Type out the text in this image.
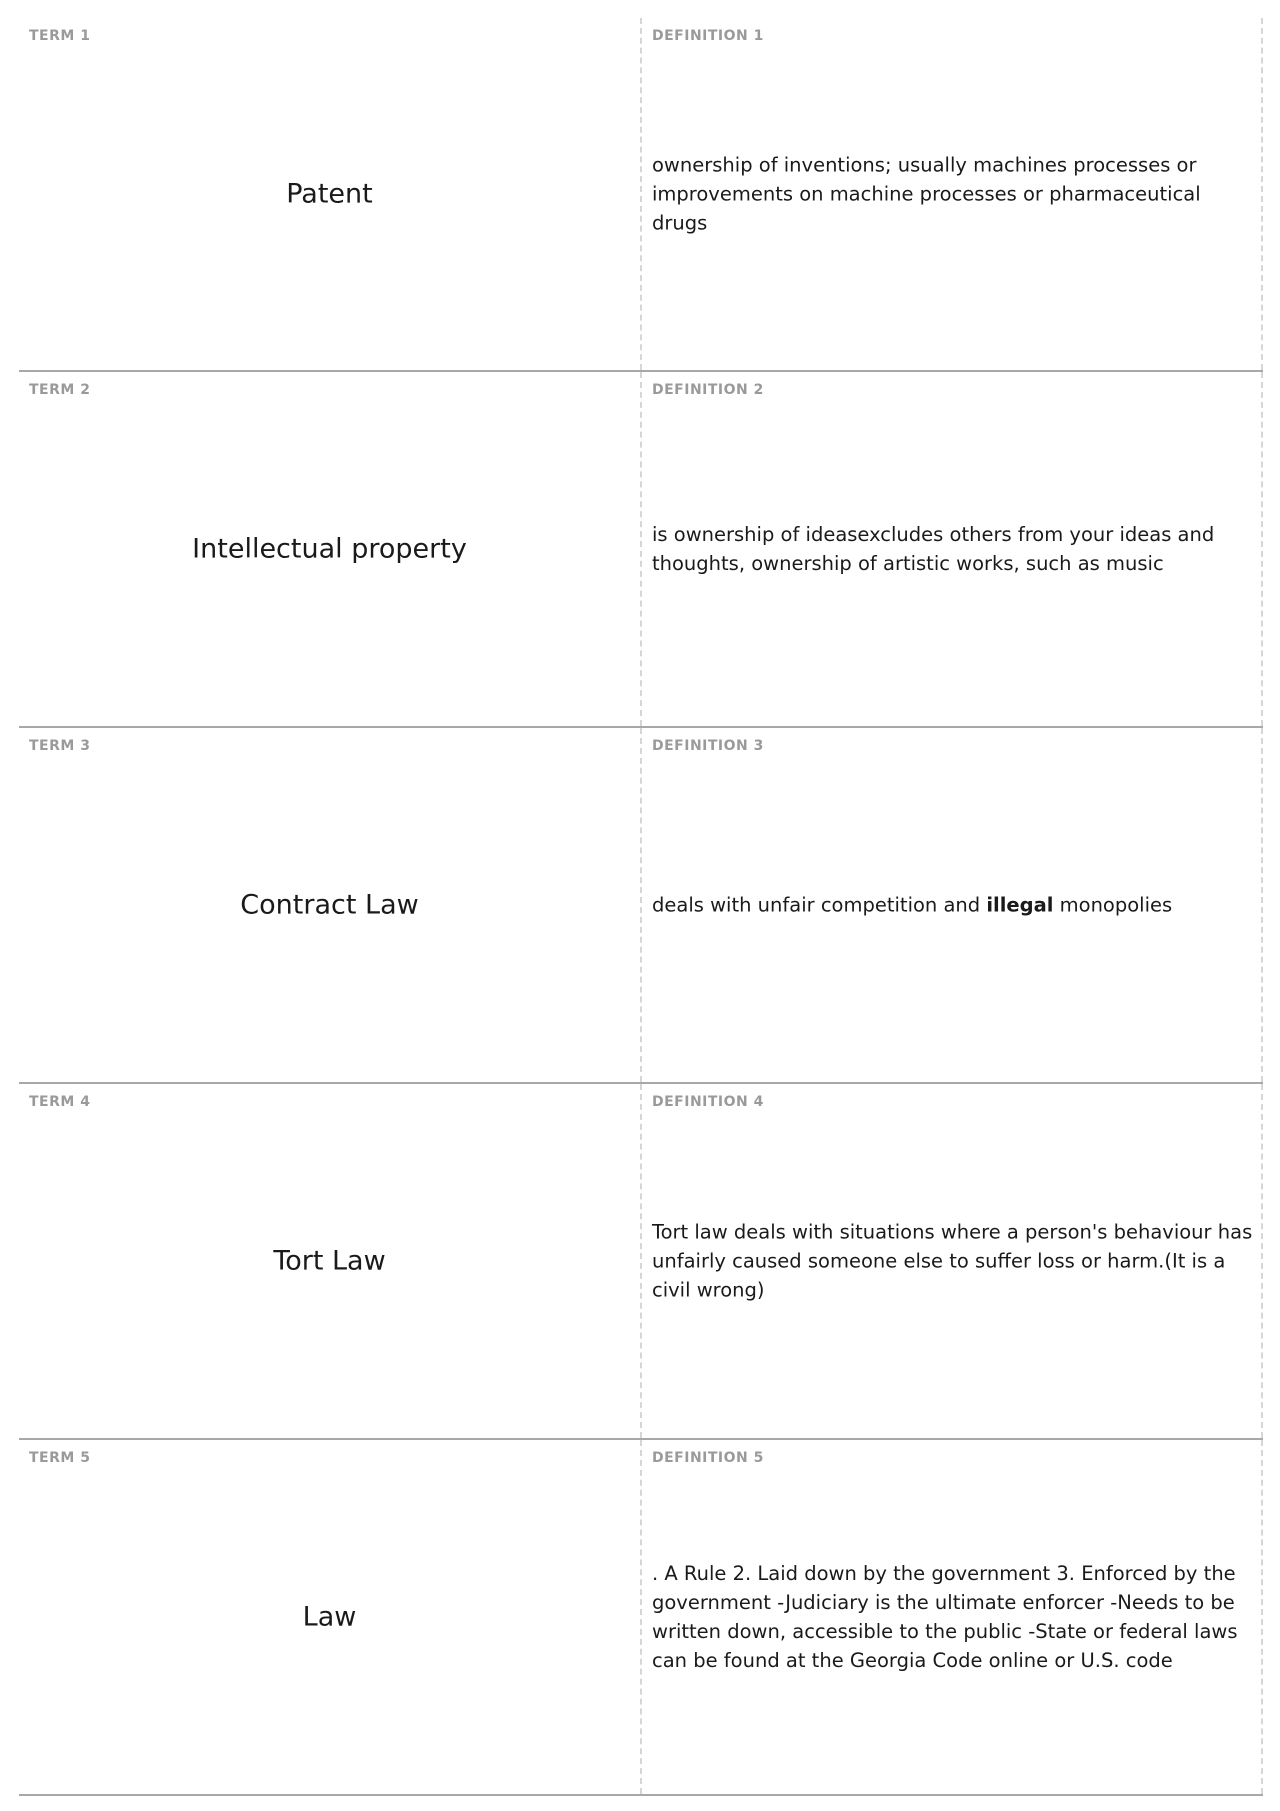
TERM 1
Patent
DEFINITION 1
ownership of inventions; usually machines processes or improvements on machine processes or pharmaceutical drugs
TERM 2
Intellectual property
DEFINITION 2
is ownership of ideasexcludes others from your ideas and thoughts, ownership of artistic works, such as music
TERM 3
Contract Law
DEFINITION 3
deals with unfair competition and illegal monopolies
TERM 4
Tort Law
DEFINITION 4
Tort law deals with situations where a person's behaviour has unfairly caused someone else to suffer loss or harm.(It is a civil wrong)
TERM 5
Law
DEFINITION 5
. A Rule 2. Laid down by the government 3. Enforced by the government -Judiciary is the ultimate enforcer -Needs to be written down, accessible to the public -State or federal laws can be found at the Georgia Code online or U.S. code
